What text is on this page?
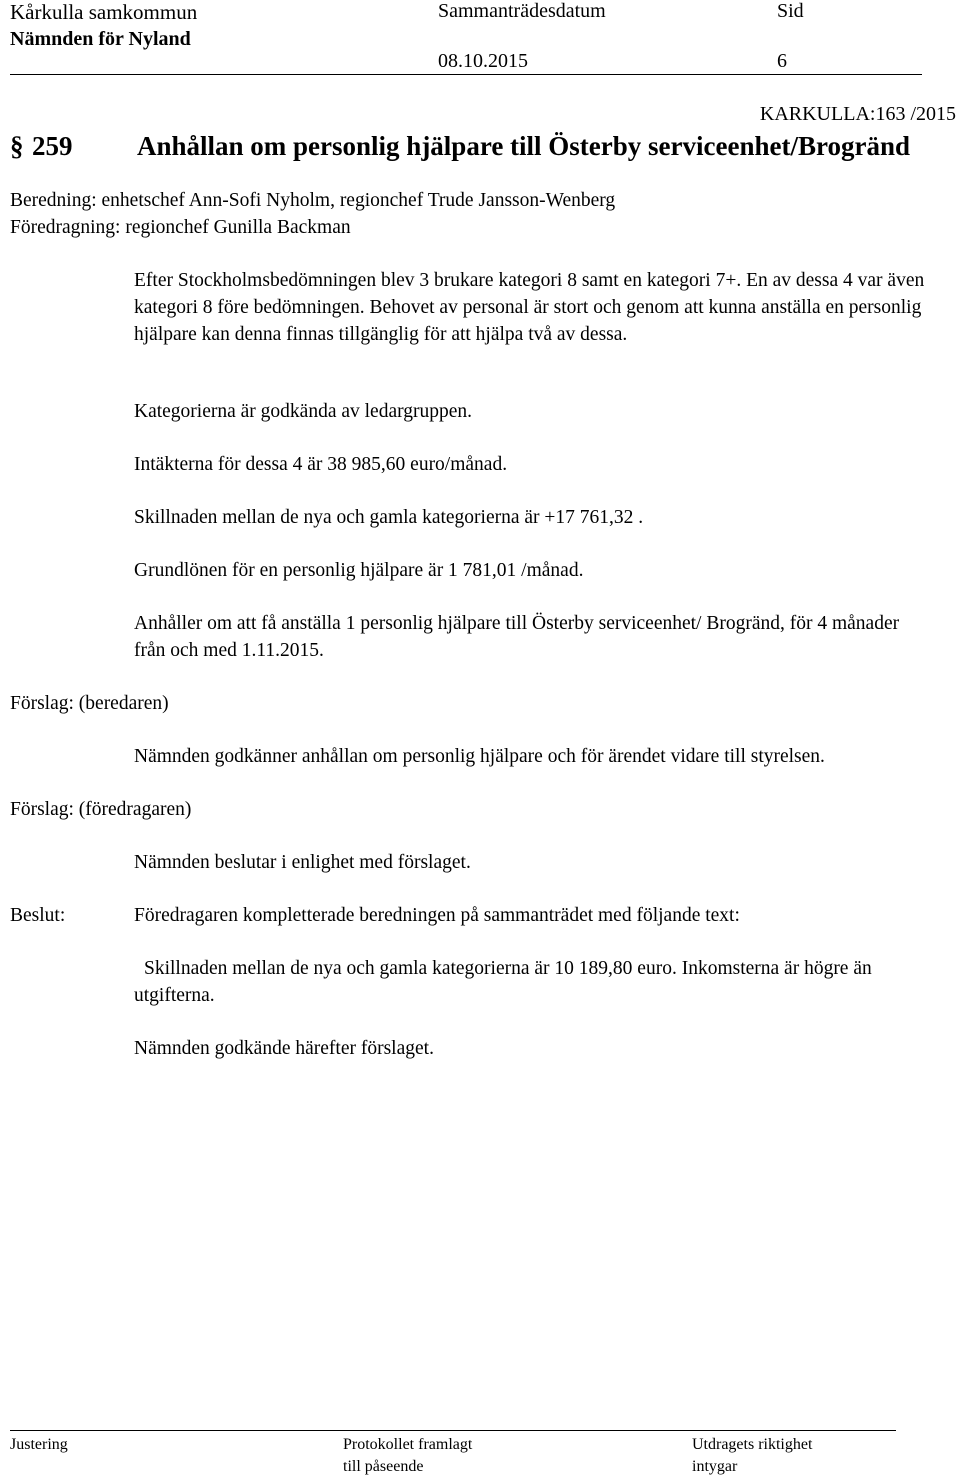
Kårkulla samkommun
Nämnden för Nyland
Sammanträdesdatum
08.10.2015
Sid
6
KARKULLA:163 /2015
§ 259 Anhållan om personlig hjälpare till Österby serviceenhet/Brogränd
Beredning: enhetschef Ann-Sofi Nyholm, regionchef Trude Jansson-Wenberg
Föredragning: regionchef Gunilla Backman
Efter Stockholmsbedömningen blev 3 brukare kategori 8 samt en kategori 7+. En av dessa 4 var även kategori 8 före bedömningen. Behovet av personal är stort och genom att kunna anställa en personlig hjälpare kan denna finnas tillgänglig för att hjälpa två av dessa.
Kategorierna är godkända av ledargruppen.
Intäkterna för dessa 4 är 38 985,60 euro/månad.
Skillnaden mellan de nya och gamla kategorierna är +17 761,32 .
Grundlönen för en personlig hjälpare är 1 781,01 /månad.
Anhåller om att få anställa 1 personlig hjälpare till Österby serviceenhet/ Brogränd, för 4 månader från och med 1.11.2015.
Förslag: (beredaren)
Nämnden godkänner anhållan om personlig hjälpare och för ärendet vidare till styrelsen.
Förslag: (föredragaren)
Nämnden beslutar i enlighet med förslaget.
Beslut:	Föredragaren kompletterade beredningen på sammanträdet med följande text:
Skillnaden mellan de nya och gamla kategorierna är 10 189,80 euro. Inkomsterna är högre än utgifterna.
Nämnden godkände härefter förslaget.
Justering	Protokollet framlagt
till påseende
Utdragets riktighet
intygar
